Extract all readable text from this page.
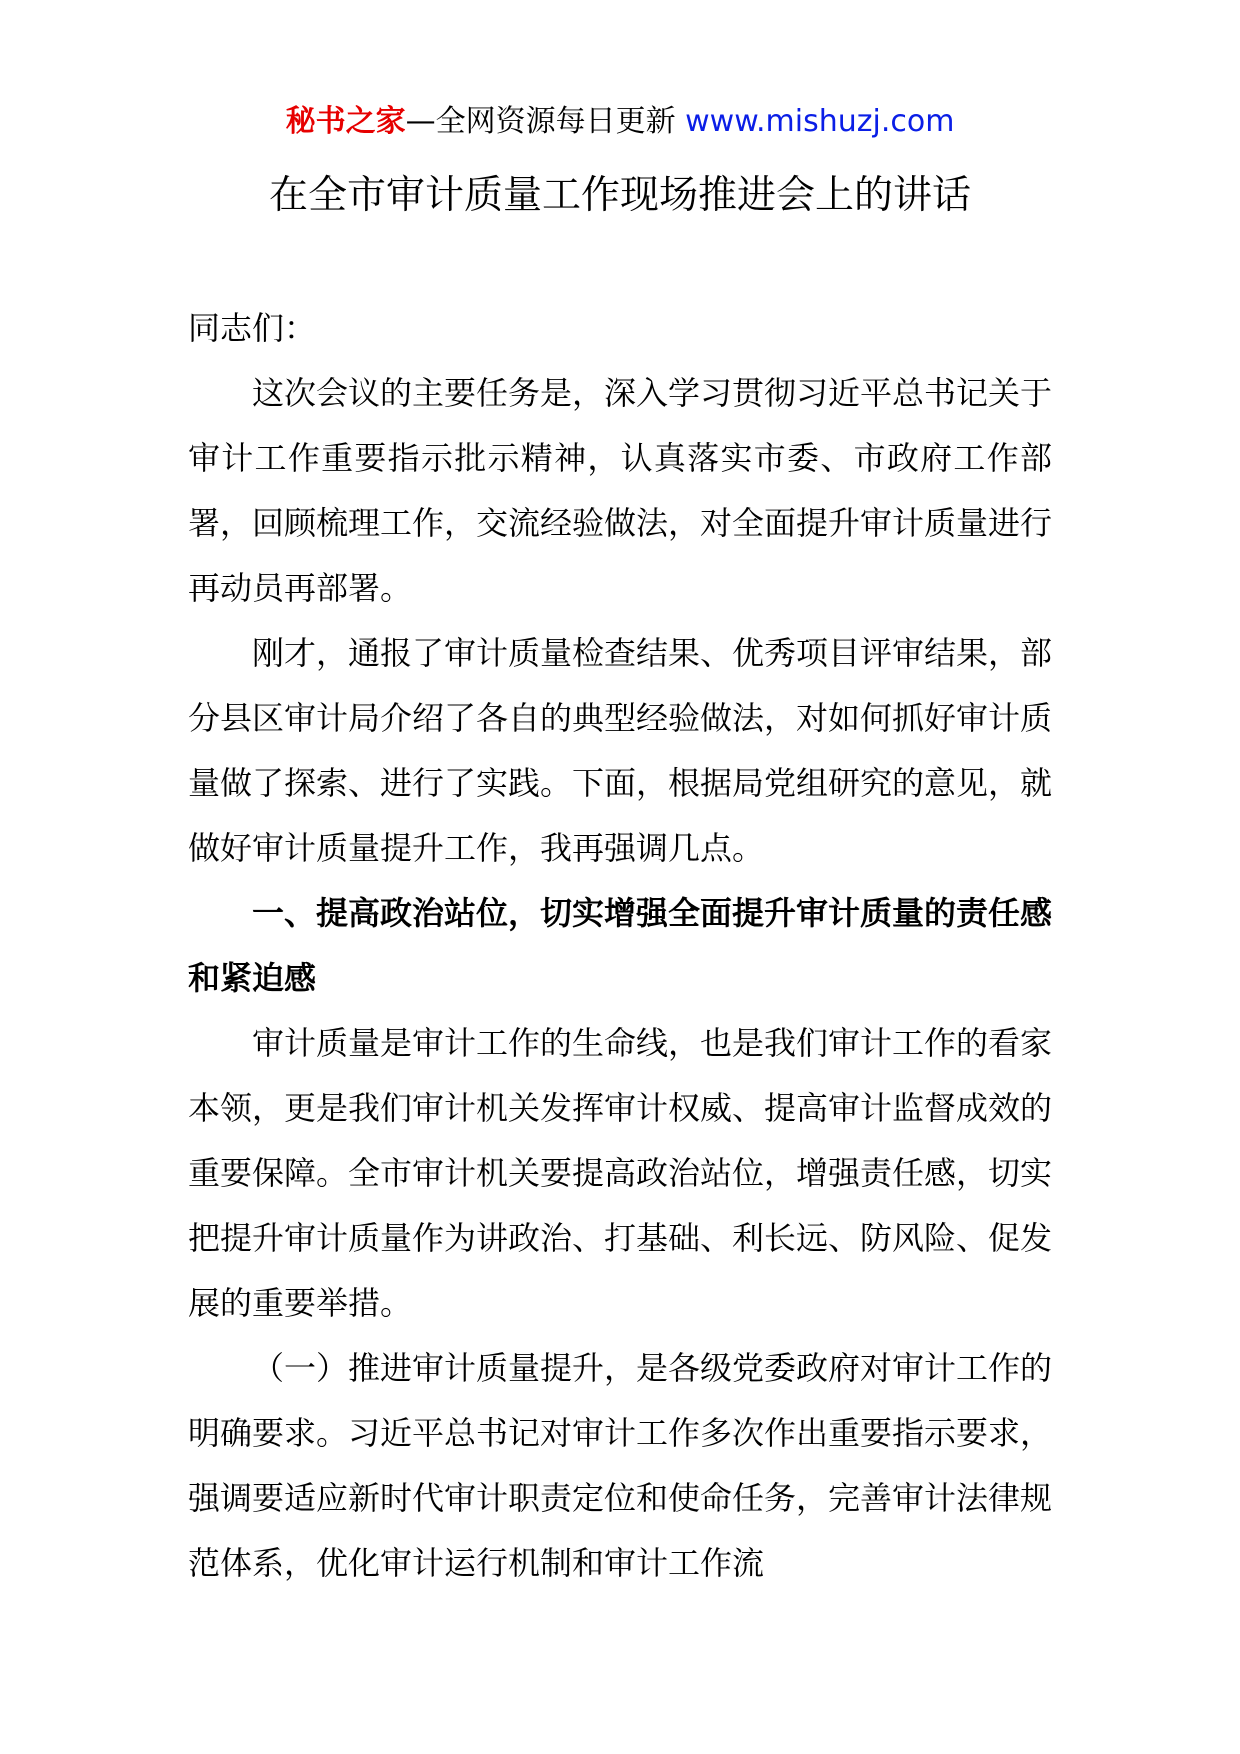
秘书之家—全网资源每日更新 www.mishuzj.com
在全市审计质量工作现场推进会上的讲话

同志们：

这次会议的主要任务是，深入学习贯彻习近平总书记关于审计工作重要指示批示精神，认真落实市委、市政府工作部署，回顾梳理工作，交流经验做法，对全面提升审计质量进行再动员再部署。

刚才，通报了审计质量检查结果、优秀项目评审结果，部分县区审计局介绍了各自的典型经验做法，对如何抓好审计质量做了探索、进行了实践。下面，根据局党组研究的意见，就做好审计质量提升工作，我再强调几点。

一、提高政治站位，切实增强全面提升审计质量的责任感和紧迫感

审计质量是审计工作的生命线，也是我们审计工作的看家本领，更是我们审计机关发挥审计权威、提高审计监督成效的重要保障。全市审计机关要提高政治站位，增强责任感，切实把提升审计质量作为讲政治、打基础、利长远、防风险、促发展的重要举措。

（一）推进审计质量提升，是各级党委政府对审计工作的明确要求。习近平总书记对审计工作多次作出重要指示要求，强调要适应新时代审计职责定位和使命任务，完善审计法律规范体系，优化审计运行机制和审计工作流
